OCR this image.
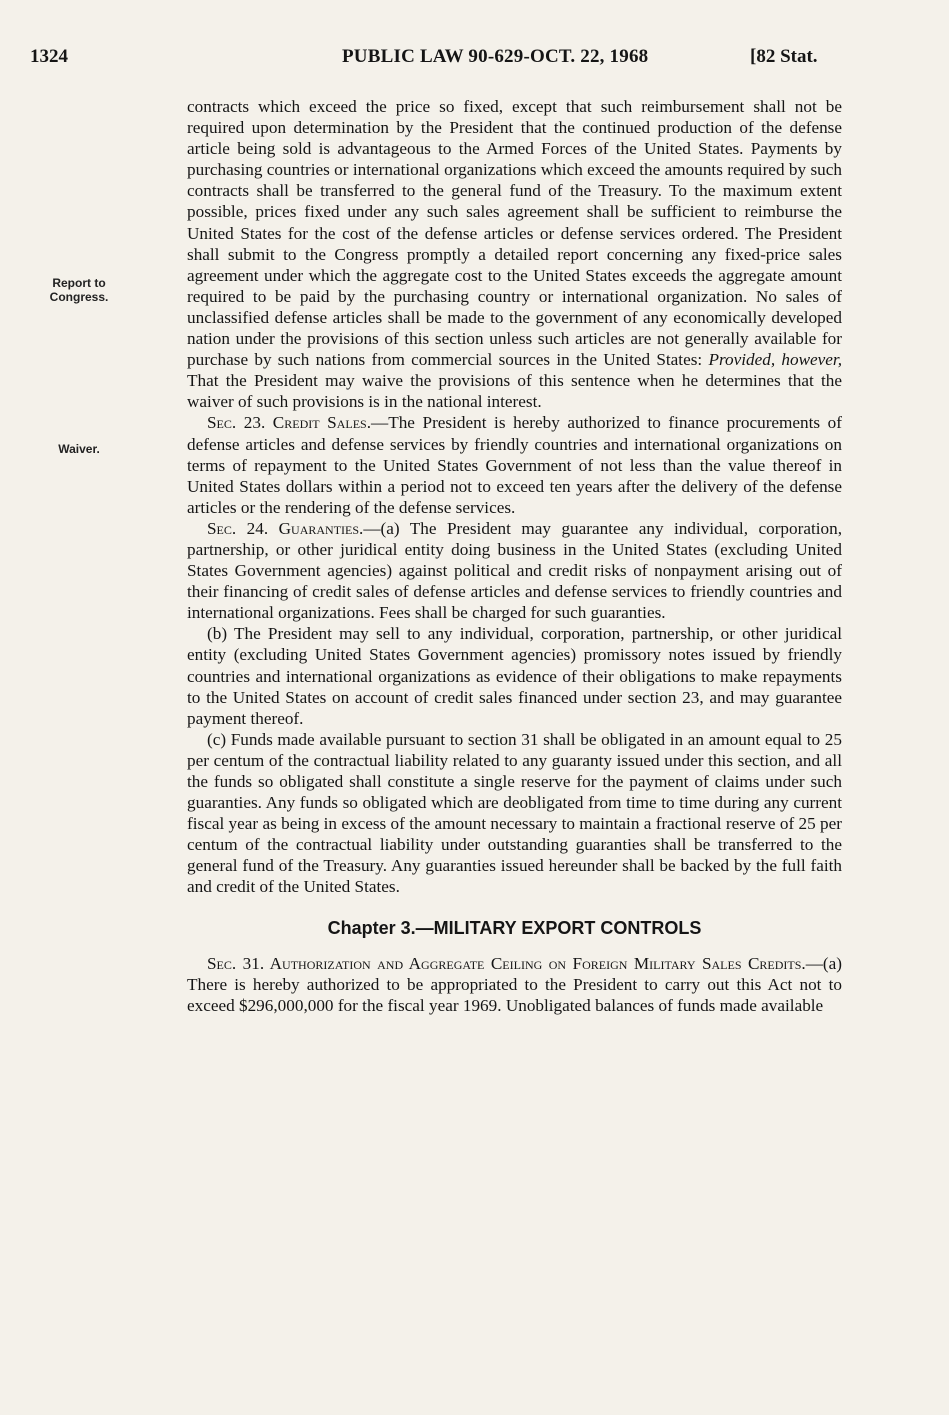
1324	PUBLIC LAW 90-629-OCT. 22, 1968	[82 Stat.
Report to Congress.
Waiver.

contracts which exceed the price so fixed, except that such reimbursement shall not be required upon determination by the President that the continued production of the defense article being sold is advantageous to the Armed Forces of the United States. Payments by purchasing countries or international organizations which exceed the amounts required by such contracts shall be transferred to the general fund of the Treasury. To the maximum extent possible, prices fixed under any such sales agreement shall be sufficient to reimburse the United States for the cost of the defense articles or defense services ordered. The President shall submit to the Congress promptly a detailed report concerning any fixed-price sales agreement under which the aggregate cost to the United States exceeds the aggregate amount required to be paid by the purchasing country or international organization. No sales of unclassified defense articles shall be made to the government of any economically developed nation under the provisions of this section unless such articles are not generally available for purchase by such nations from commercial sources in the United States: Provided, however, That the President may waive the provisions of this sentence when he determines that the waiver of such provisions is in the national interest.

Sec. 23. Credit Sales.—The President is hereby authorized to finance procurements of defense articles and defense services by friendly countries and international organizations on terms of repayment to the United States Government of not less than the value thereof in United States dollars within a period not to exceed ten years after the delivery of the defense articles or the rendering of the defense services.

Sec. 24. Guaranties.—(a) The President may guarantee any individual, corporation, partnership, or other juridical entity doing business in the United States (excluding United States Government agencies) against political and credit risks of nonpayment arising out of their financing of credit sales of defense articles and defense services to friendly countries and international organizations. Fees shall be charged for such guaranties.

(b) The President may sell to any individual, corporation, partnership, or other juridical entity (excluding United States Government agencies) promissory notes issued by friendly countries and international organizations as evidence of their obligations to make repayments to the United States on account of credit sales financed under section 23, and may guarantee payment thereof.

(c) Funds made available pursuant to section 31 shall be obligated in an amount equal to 25 per centum of the contractual liability related to any guaranty issued under this section, and all the funds so obligated shall constitute a single reserve for the payment of claims under such guaranties. Any funds so obligated which are deobligated from time to time during any current fiscal year as being in excess of the amount necessary to maintain a fractional reserve of 25 per centum of the contractual liability under outstanding guaranties shall be transferred to the general fund of the Treasury. Any guaranties issued hereunder shall be backed by the full faith and credit of the United States.

Chapter 3.—MILITARY EXPORT CONTROLS

Sec. 31. Authorization and Aggregate Ceiling on Foreign Military Sales Credits.—(a) There is hereby authorized to be appropriated to the President to carry out this Act not to exceed $296,000,000 for the fiscal year 1969. Unobligated balances of funds made available
